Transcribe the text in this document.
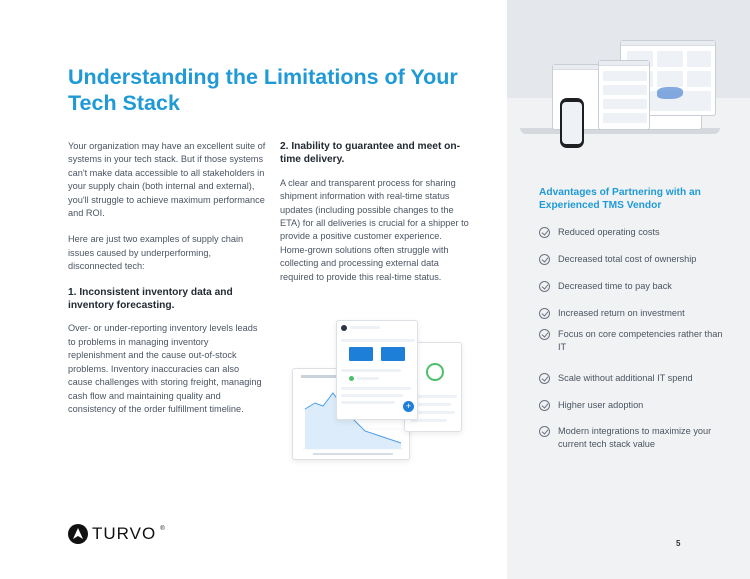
Understanding the Limitations of Your Tech Stack

Your organization may have an excellent suite of systems in your tech stack. But if those systems can't make data accessible to all stakeholders in your supply chain (both internal and external), you'll struggle to achieve maximum performance and ROI.

Here are just two examples of supply chain issues caused by underperforming, disconnected tech:

1. Inconsistent inventory data and inventory forecasting.

Over- or under-reporting inventory levels leads to problems in managing inventory replenishment and the cause out-of-stock problems. Inventory inaccuracies can also cause challenges with storing freight, managing cash flow and maintaining quality and consistency of the order fulfillment timeline.

2. Inability to guarantee and meet on-time delivery.

A clear and transparent process for sharing shipment information with real-time status updates (including possible changes to the ETA) for all deliveries is crucial for a shipper to provide a positive customer experience. Home-grown solutions often struggle with collecting and processing external data required to provide this real-time status.

+
Advantages of Partnering with an Experienced TMS Vendor
Reduced operating costs
Decreased total cost of ownership
Decreased time to pay back
Increased return on investment
Focus on core competencies rather than IT
Scale without additional IT spend
Higher user adoption
Modern integrations to maximize your current tech stack value
TURVO ®
5
